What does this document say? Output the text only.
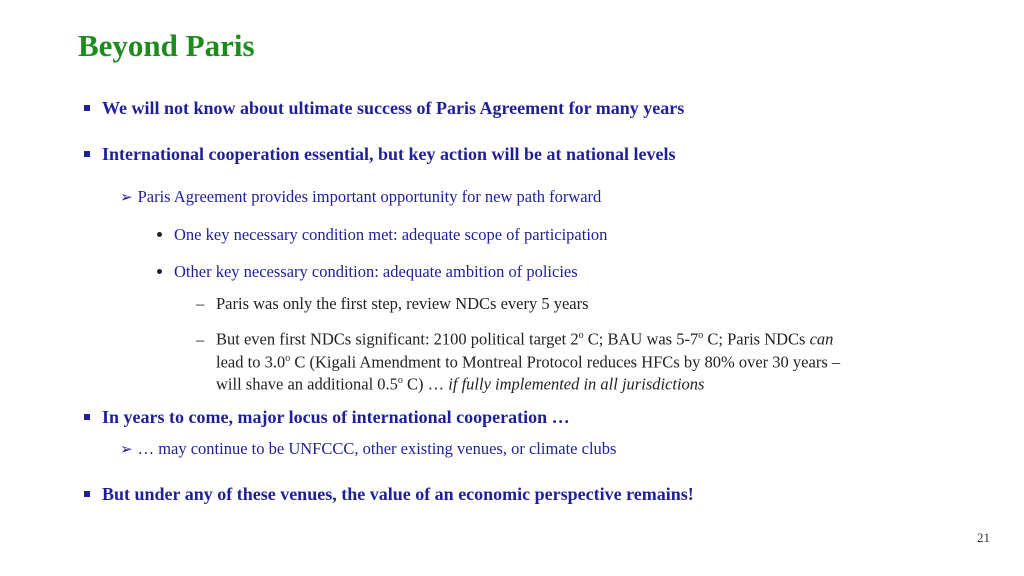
Beyond Paris
We will not know about ultimate success of Paris Agreement for many years
International cooperation essential, but key action will be at national levels
➢ Paris Agreement provides important opportunity for new path forward
One key necessary condition met: adequate scope of participation
Other key necessary condition: adequate ambition of policies
– Paris was only the first step, review NDCs every 5 years
– But even first NDCs significant: 2100 political target 2$^o$ C; BAU was 5-7$^o$ C; Paris NDCs can
lead to 3.0$^o$ C (Kigali Amendment to Montreal Protocol reduces HFCs by 80% over 30 years –
will shave an additional 0.5$^o$ C) … if fully implemented in all jurisdictions
In years to come, major locus of international cooperation …
➢ … may continue to be UNFCCC, other existing venues, or climate clubs
But under any of these venues, the value of an economic perspective remains!
21
